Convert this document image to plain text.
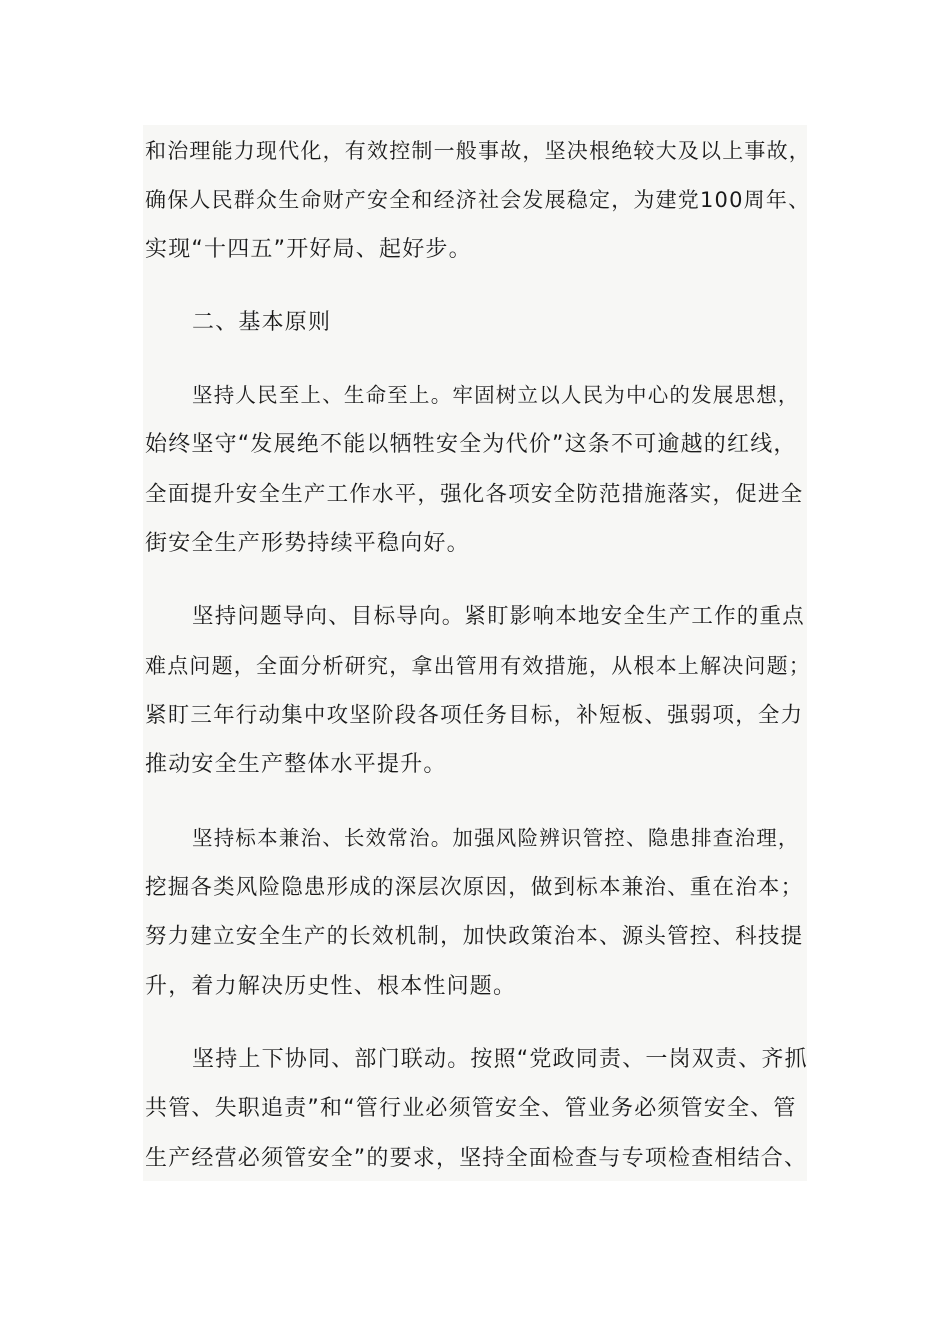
和治理能力现代化，有效控制一般事故，坚决根绝较大及以上事故，
确保人民群众生命财产安全和经济社会发展稳定，为建党100周年、
实现“十四五”开好局、起好步。
二、基本原则
坚持人民至上、生命至上。牢固树立以人民为中心的发展思想，
始终坚守“发展绝不能以牺牲安全为代价”这条不可逾越的红线，
全面提升安全生产工作水平，强化各项安全防范措施落实，促进全
街安全生产形势持续平稳向好。
坚持问题导向、目标导向。紧盯影响本地安全生产工作的重点
难点问题，全面分析研究，拿出管用有效措施，从根本上解决问题；
紧盯三年行动集中攻坚阶段各项任务目标，补短板、强弱项，全力
推动安全生产整体水平提升。
坚持标本兼治、长效常治。加强风险辨识管控、隐患排查治理，
挖掘各类风险隐患形成的深层次原因，做到标本兼治、重在治本；
努力建立安全生产的长效机制，加快政策治本、源头管控、科技提
升，着力解决历史性、根本性问题。
坚持上下协同、部门联动。按照“党政同责、一岗双责、齐抓
共管、失职追责”和“管行业必须管安全、管业务必须管安全、管
生产经营必须管安全”的要求，坚持全面检查与专项检查相结合、
